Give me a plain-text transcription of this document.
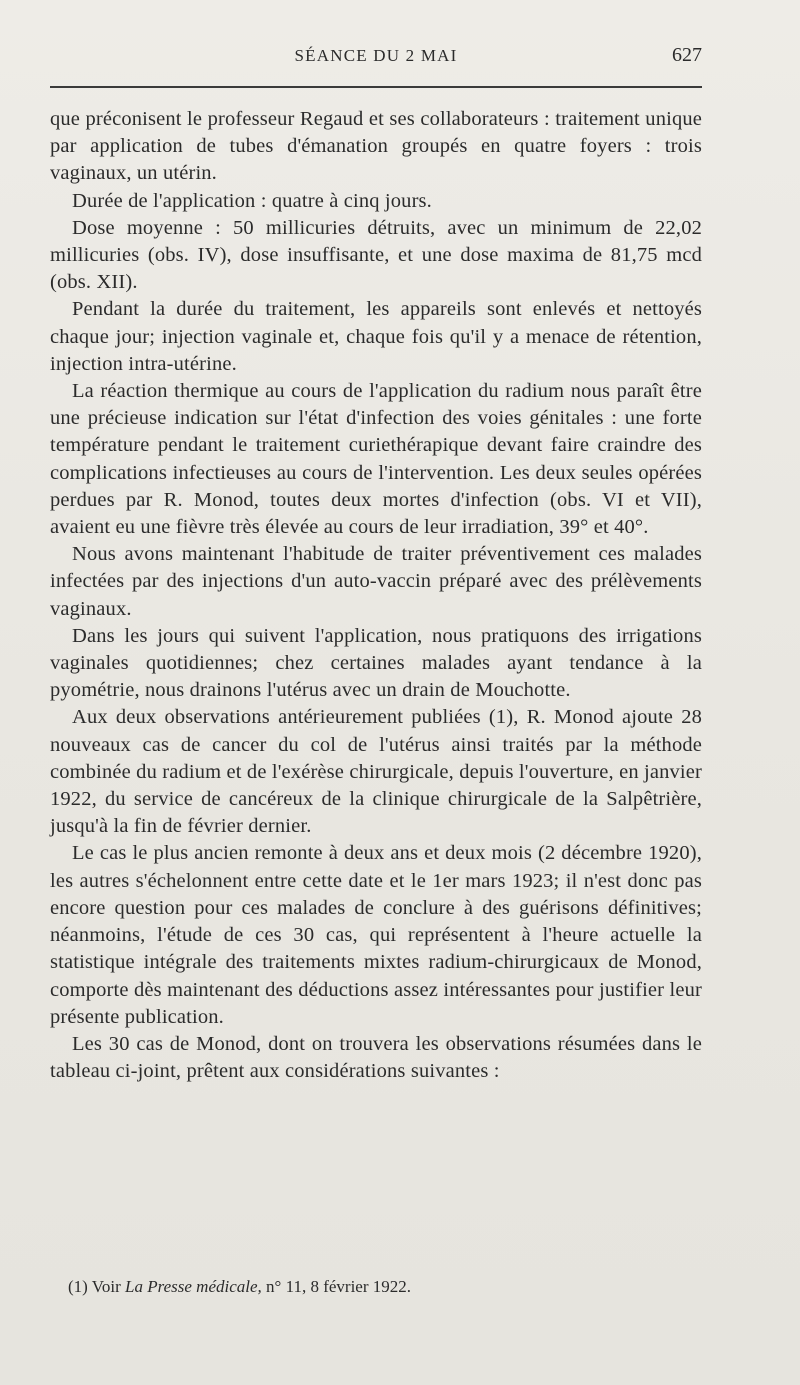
SÉANCE DU 2 MAI	627

que préconisent le professeur Regaud et ses collaborateurs : traitement unique par application de tubes d'émanation groupés en quatre foyers : trois vaginaux, un utérin.

Durée de l'application : quatre à cinq jours.

Dose moyenne : 50 millicuries détruits, avec un minimum de 22,02 millicuries (obs. IV), dose insuffisante, et une dose maxima de 81,75 mcd (obs. XII).

Pendant la durée du traitement, les appareils sont enlevés et nettoyés chaque jour; injection vaginale et, chaque fois qu'il y a menace de rétention, injection intra-utérine.

La réaction thermique au cours de l'application du radium nous paraît être une précieuse indication sur l'état d'infection des voies génitales : une forte température pendant le traitement curiethérapique devant faire craindre des complications infectieuses au cours de l'intervention. Les deux seules opérées perdues par R. Monod, toutes deux mortes d'infection (obs. VI et VII), avaient eu une fièvre très élevée au cours de leur irradiation, 39° et 40°.

Nous avons maintenant l'habitude de traiter préventivement ces malades infectées par des injections d'un auto-vaccin préparé avec des prélèvements vaginaux.

Dans les jours qui suivent l'application, nous pratiquons des irrigations vaginales quotidiennes; chez certaines malades ayant tendance à la pyométrie, nous drainons l'utérus avec un drain de Mouchotte.

Aux deux observations antérieurement publiées (1), R. Monod ajoute 28 nouveaux cas de cancer du col de l'utérus ainsi traités par la méthode combinée du radium et de l'exérèse chirurgicale, depuis l'ouverture, en janvier 1922, du service de cancéreux de la clinique chirurgicale de la Salpêtrière, jusqu'à la fin de février dernier.

Le cas le plus ancien remonte à deux ans et deux mois (2 décembre 1920), les autres s'échelonnent entre cette date et le 1er mars 1923; il n'est donc pas encore question pour ces malades de conclure à des guérisons définitives; néanmoins, l'étude de ces 30 cas, qui représentent à l'heure actuelle la statistique intégrale des traitements mixtes radium-chirurgicaux de Monod, comporte dès maintenant des déductions assez intéressantes pour justifier leur présente publication.

Les 30 cas de Monod, dont on trouvera les observations résumées dans le tableau ci-joint, prêtent aux considérations suivantes :

(1) Voir La Presse médicale, n° 11, 8 février 1922.
